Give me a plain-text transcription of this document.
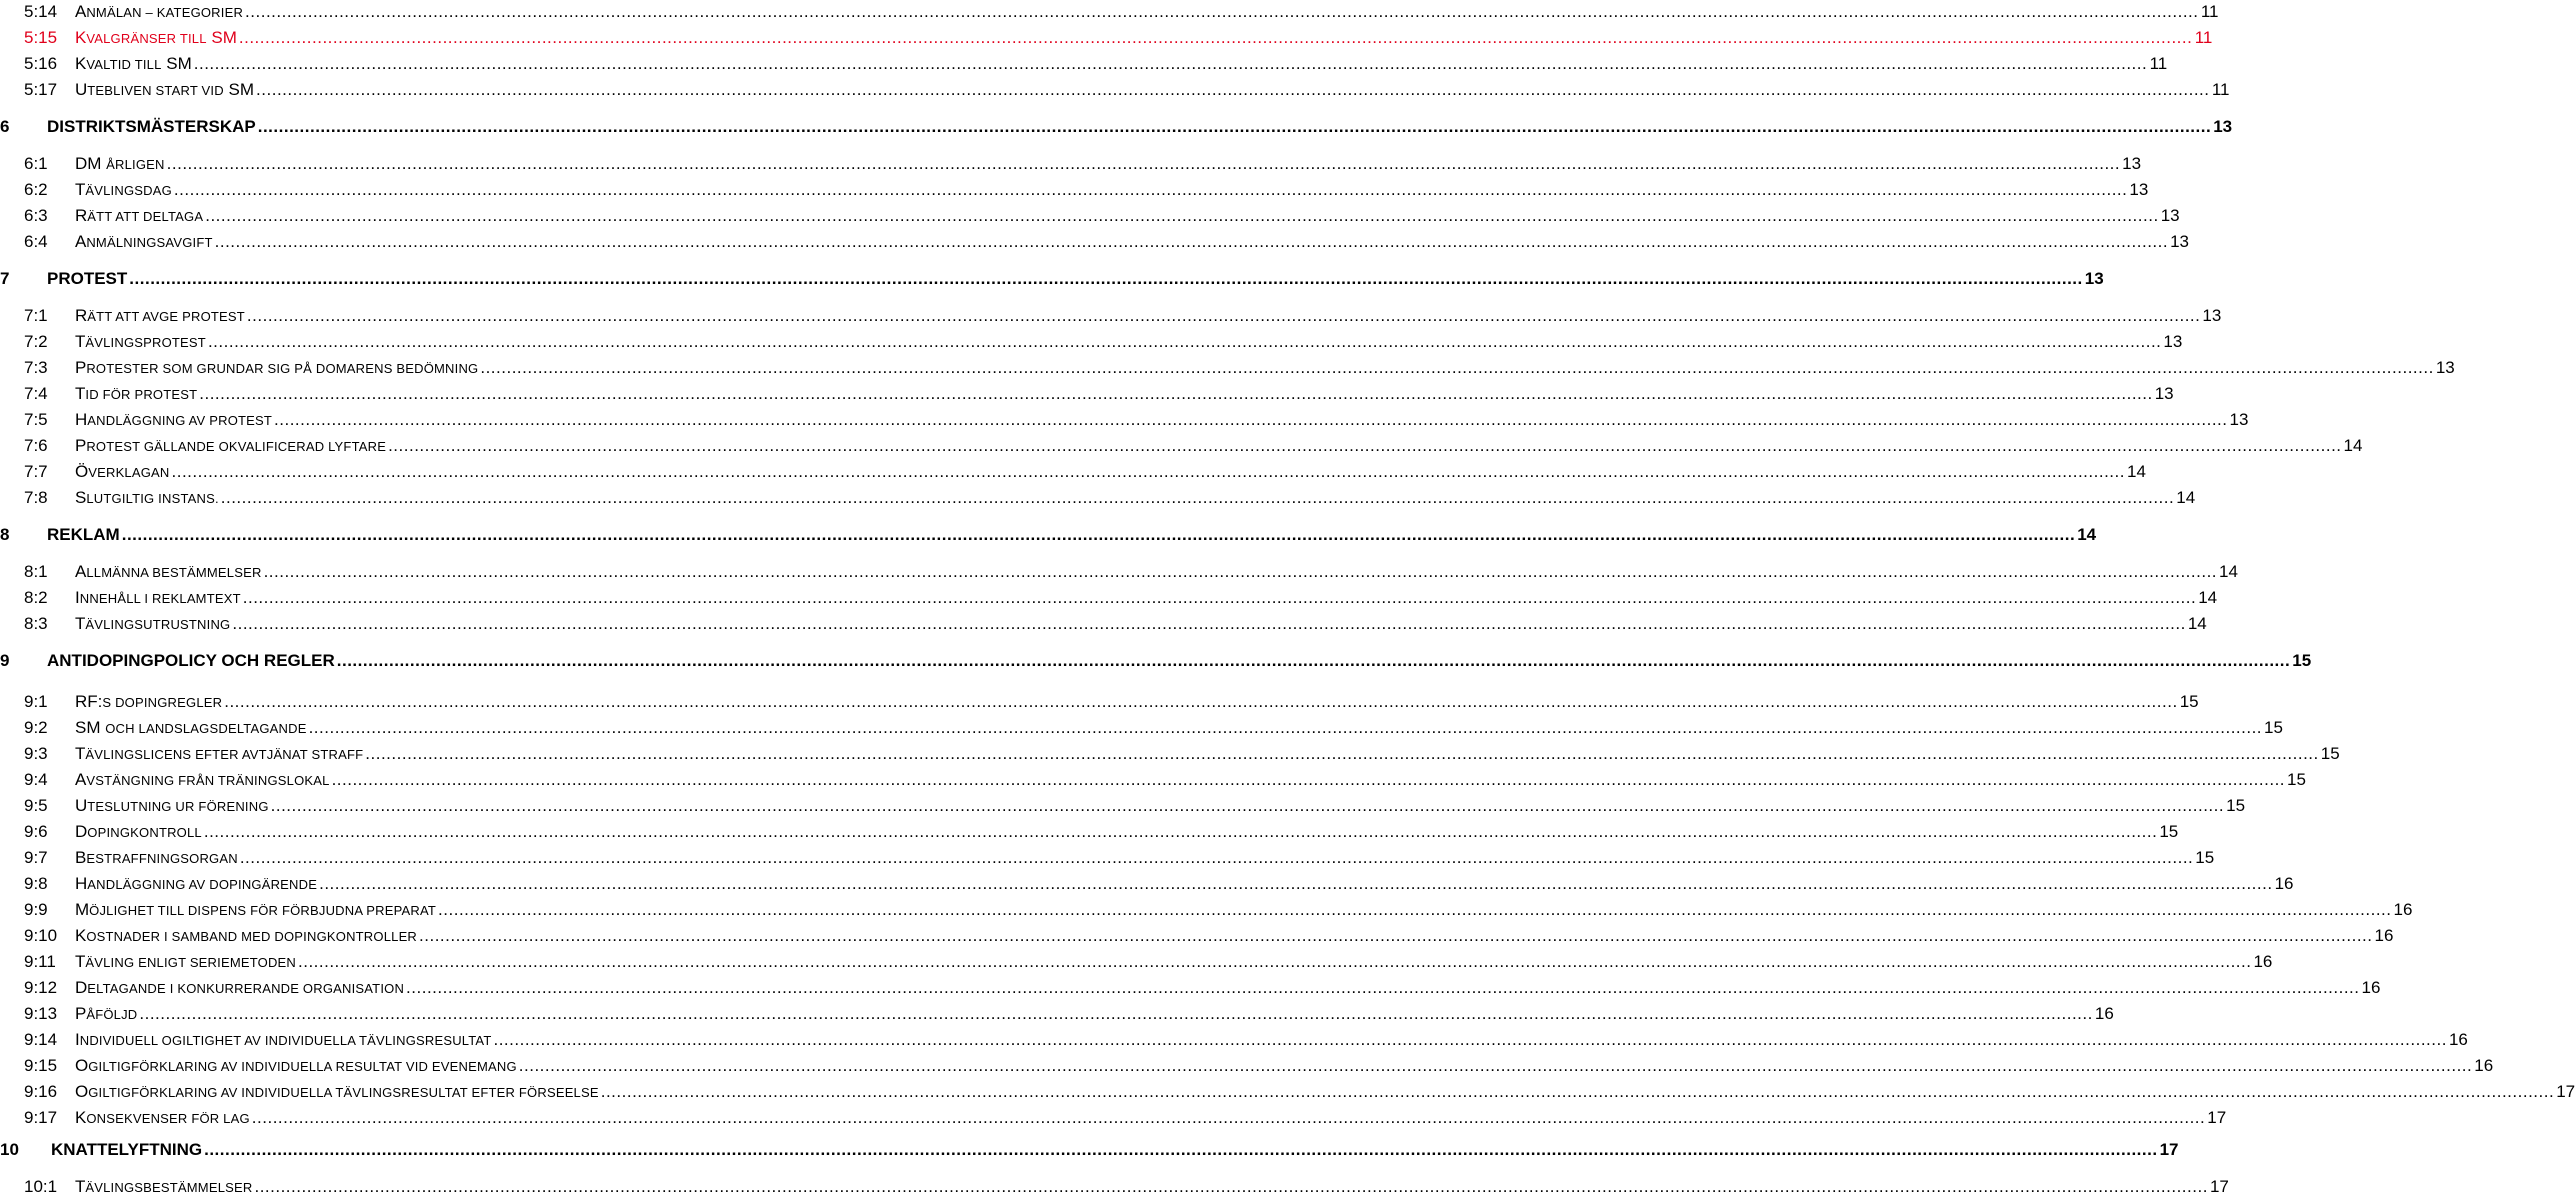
5:14	ANMÄLAN – KATEGORIER .....	11
5:15	KVALGRÄNSER TILL SM .....	11
5:16	KVALTID TILL SM .....	11
5:17	UTEBLIVEN START VID SM .....	11
6	DISTRIKTSMÄSTERSKAP .....	13
6:1	DM ÅRLIGEN .....	13
6:2	TÄVLINGSDAG .....	13
6:3	RÄTT ATT DELTAGA .....	13
6:4	ANMÄLNINGSAVGIFT .....	13
7	PROTEST .....	13
7:1	RÄTT ATT AVGE PROTEST .....	13
7:2	TÄVLINGSPROTEST .....	13
7:3	PROTESTER SOM GRUNDAR SIG PÅ DOMARENS BEDÖMNING .....	13
7:4	TID FÖR PROTEST .....	13
7:5	HANDLÄGGNING AV PROTEST .....	13
7:6	PROTEST GÄLLANDE OKVALIFICERAD LYFTARE .....	14
7:7	ÖVERKLAGAN .....	14
7:8	SLUTGILTIG INSTANS. .....	14
8	REKLAM .....	14
8:1	ALLMÄNNA BESTÄMMELSER .....	14
8:2	INNEHÅLL I REKLAMTEXT .....	14
8:3	TÄVLINGSUTRUSTNING .....	14
9	ANTIDOPINGPOLICY OCH REGLER .....	15
9:1	RF:S DOPINGREGLER .....	15
9:2	SM OCH LANDSLAGSDELTAGANDE .....	15
9:3	TÄVLINGSLICENS EFTER AVTJÄNAT STRAFF .....	15
9:4	AVSTÄNGNING FRÅN TRÄNINGSLOKAL .....	15
9:5	UTESLUTNING UR FÖRENING .....	15
9:6	DOPINGKONTROLL .....	15
9:7	BESTRAFFNINGSORGAN .....	15
9:8	HANDLÄGGNING AV DOPINGÄRENDE .....	16
9:9	MÖJLIGHET TILL DISPENS FÖR FÖRBJUDNA PREPARAT .....	16
9:10	KOSTNADER I SAMBAND MED DOPINGKONTROLLER .....	16
9:11	TÄVLING ENLIGT SERIEMETODEN .....	16
9:12	DELTAGANDE I KONKURRERANDE ORGANISATION .....	16
9:13	PÅFÖLJD .....	16
9:14	INDIVIDUELL OGILTIGHET AV INDIVIDUELLA TÄVLINGSRESULTAT .....	16
9:15	OGILTIGFÖRKLARING AV INDIVIDUELLA RESULTAT VID EVENEMANG .....	16
9:16	OGILTIGFÖRKLARING AV INDIVIDUELLA TÄVLINGSRESULTAT EFTER FÖRSEELSE .....	17
9:17	KONSEKVENSER FÖR LAG .....	17
10	KNATTELYFTNING .....	17
10:1	TÄVLINGSBESTÄMMELSER .....	17
